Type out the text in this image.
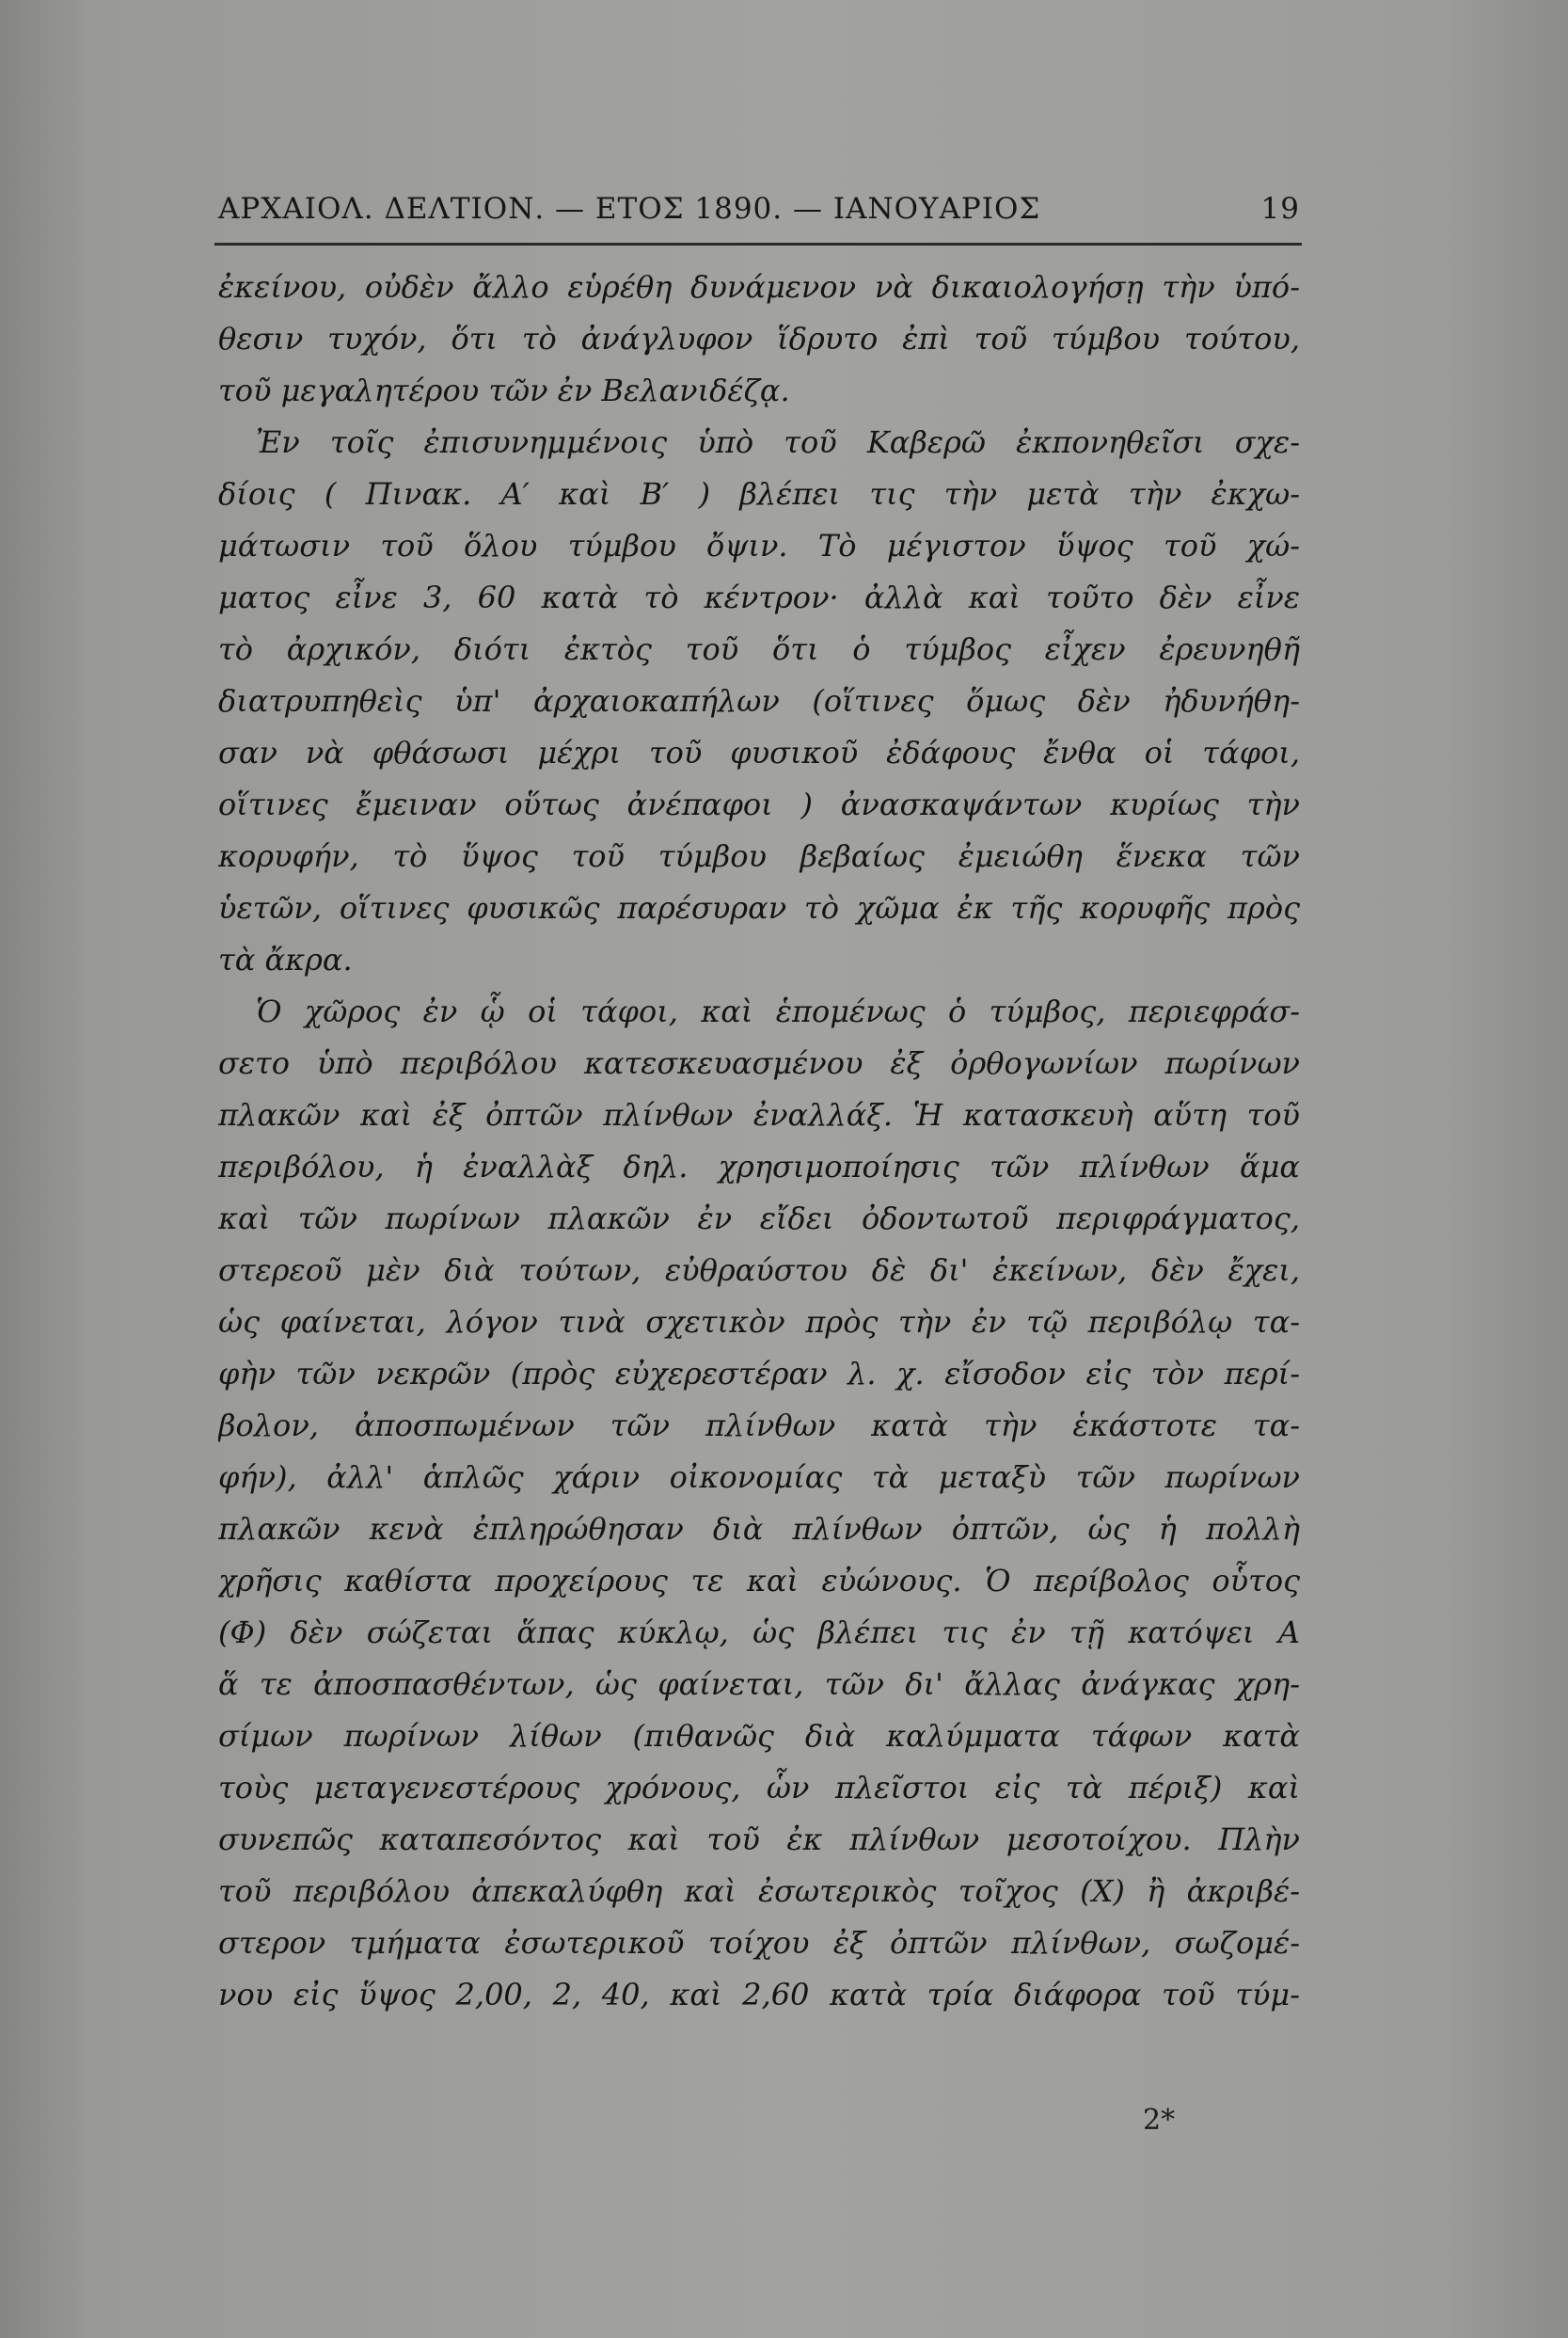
ΑΡΧΑΙΟΛ. ΔΕΛΤΙΟΝ. — ΕΤΟΣ 1890. — ΙΑΝΟΥΑΡΙΟΣ	19
ἐκείνου, οὐδὲν ἄλλο εὑρέθη δυνάμενον νὰ δικαιολογήσῃ τὴν ὑπό-
θεσιν τυχόν, ὅτι τὸ ἀνάγλυφον ἵδρυτο ἐπὶ τοῦ τύμβου τούτου,
τοῦ μεγαλητέρου τῶν ἐν Βελανιδέζᾳ.
Ἐν τοῖς ἐπισυνημμένοις ὑπὸ τοῦ Καβερῶ ἐκπονηθεῖσι σχε-
δίοις ( Πινακ. Α′ καὶ Β′ ) βλέπει τις τὴν μετὰ τὴν ἐκχω-
μάτωσιν τοῦ ὅλου τύμβου ὄψιν. Τὸ μέγιστον ὕψος τοῦ χώ-
ματος εἶνε 3, 60 κατὰ τὸ κέντρον· ἀλλὰ καὶ τοῦτο δὲν εἶνε
τὸ ἀρχικόν, διότι ἐκτὸς τοῦ ὅτι ὁ τύμβος εἶχεν ἐρευνηθῆ
διατρυπηθεὶς ὑπ' ἀρχαιοκαπήλων (οἵτινες ὅμως δὲν ἠδυνήθη-
σαν νὰ φθάσωσι μέχρι τοῦ φυσικοῦ ἐδάφους ἔνθα οἱ τάφοι,
οἵτινες ἔμειναν οὕτως ἀνέπαφοι ) ἀνασκαψάντων κυρίως τὴν
κορυφήν, τὸ ὕψος τοῦ τύμβου βεβαίως ἐμειώθη ἕνεκα τῶν
ὑετῶν, οἵτινες φυσικῶς παρέσυραν τὸ χῶμα ἐκ τῆς κορυφῆς πρὸς
τὰ ἄκρα.
Ὁ χῶρος ἐν ᾧ οἱ τάφοι, καὶ ἑπομένως ὁ τύμβος, περιεφράσ-
σετο ὑπὸ περιβόλου κατεσκευασμένου ἐξ ὀρθογωνίων πωρίνων
πλακῶν καὶ ἐξ ὀπτῶν πλίνθων ἐναλλάξ. Ἡ κατασκευὴ αὕτη τοῦ
περιβόλου, ἡ ἐναλλὰξ δηλ. χρησιμοποίησις τῶν πλίνθων ἅμα
καὶ τῶν πωρίνων πλακῶν ἐν εἴδει ὀδοντωτοῦ περιφράγματος,
στερεοῦ μὲν διὰ τούτων, εὐθραύστου δὲ δι' ἐκείνων, δὲν ἔχει,
ὡς φαίνεται, λόγον τινὰ σχετικὸν πρὸς τὴν ἐν τῷ περιβόλῳ τα-
φὴν τῶν νεκρῶν (πρὸς εὐχερεστέραν λ. χ. εἴσοδον εἰς τὸν περί-
βολον, ἀποσπωμένων τῶν πλίνθων κατὰ τὴν ἑκάστοτε τα-
φήν), ἀλλ' ἁπλῶς χάριν οἰκονομίας τὰ μεταξὺ τῶν πωρίνων
πλακῶν κενὰ ἐπληρώθησαν διὰ πλίνθων ὀπτῶν, ὡς ἡ πολλὴ
χρῆσις καθίστα προχείρους τε καὶ εὐώνους. Ὁ περίβολος οὗτος
(Φ) δὲν σώζεται ἅπας κύκλῳ, ὡς βλέπει τις ἐν τῇ κατόψει Α
ἅ τε ἀποσπασθέντων, ὡς φαίνεται, τῶν δι' ἄλλας ἀνάγκας χρη-
σίμων πωρίνων λίθων (πιθανῶς διὰ καλύμματα τάφων κατὰ
τοὺς μεταγενεστέρους χρόνους, ὧν πλεῖστοι εἰς τὰ πέριξ) καὶ
συνεπῶς καταπεσόντος καὶ τοῦ ἐκ πλίνθων μεσοτοίχου. Πλὴν
τοῦ περιβόλου ἀπεκαλύφθη καὶ ἐσωτερικὸς τοῖχος (Χ) ἢ ἀκριβέ-
στερον τμήματα ἐσωτερικοῦ τοίχου ἐξ ὀπτῶν πλίνθων, σωζομέ-
νου εἰς ὕψος 2,00, 2, 40, καὶ 2,60 κατὰ τρία διάφορα τοῦ τύμ-
2*
